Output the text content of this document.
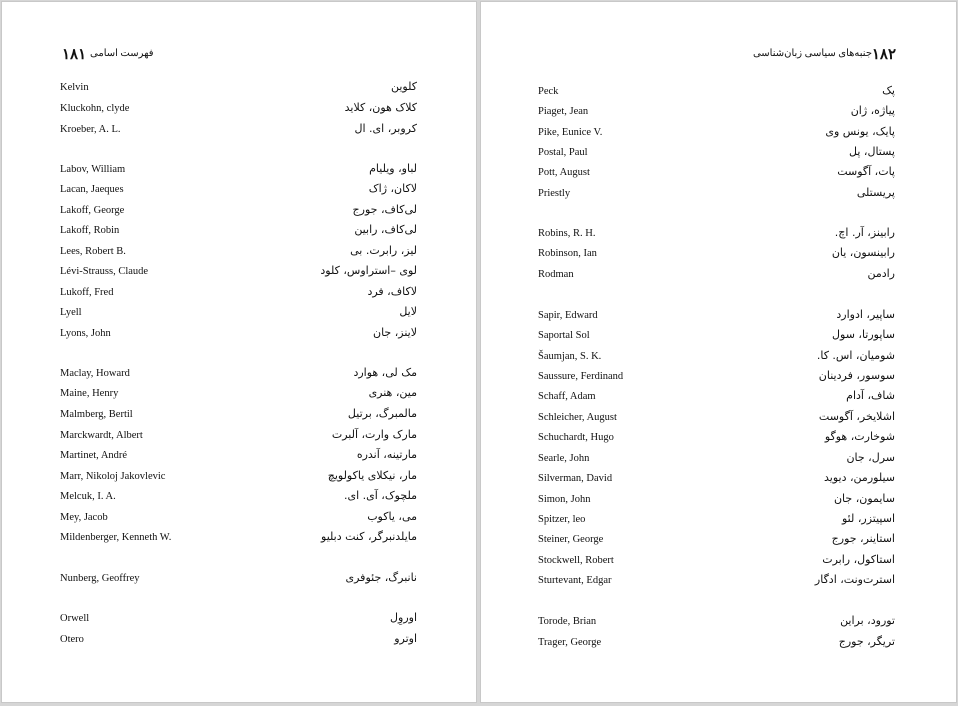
۱۸۱ فهرست اسامی
Kelvin	کلوین
Kluckohn, clyde	کلاک هون، کلاید
Kroeber, A. L.	کروبر، ای. ال
Labov, William	لباو، ویلیام
Lacan, Jaeques	لاکان، ژاک
Lakoff, George	لی‌کاف، جورج
Lakoff, Robin	لی‌کاف، رابین
Lees, Robert B.	لیز، رابرت. بی
Lévi-Strauss, Claude	لوی –استراوس، کلود
Lukoff, Fred	لاکاف، فرد
Lyell	لایل
Lyons, John	لاینز، جان
Maclay, Howard	مک لی، هوارد
Maine, Henry	مین، هنری
Malmberg, Bertil	مالمبرگ، برتیل
Marckwardt, Albert	مارک وارت، آلبرت
Martinet, André	مارتینه، آندره
Marr, Nikoloj Jakovlevic	مار، نیکلای یاکولویچ
Melcuk, I. A.	ملچوک، آی. ای.
Mey, Jacob	می، یاکوب
Mildenberger, Kenneth W.	مایلدنبرگر، کنت دبلیو
Nunberg, Geoffrey	نانبرگ، جئوفری
Orwell	اوروِل
Otero	اوترو
جنبه‌های سیاسی زبان‌شناسی ۱۸۲
Peck	پک
Piaget, Jean	پیاژه، ژان
Pike, Eunice V.	پایک، یونس وی
Postal, Paul	پستال، پل
Pott, August	پات، آگوست
Priestly	پریستلی
Robins, R. H.	رابینز، آر. اچ.
Robinson, Ian	رابینسون، یان
Rodman	رادمن
Sapir, Edward	ساپیر، ادوارد
Saportal Sol	ساپورتا، سول
Šaumjan, S. K.	شومیان، اس. کا.
Saussure, Ferdinand	سوسور، فردینان
Schaff, Adam	شاف، آدام
Schleicher, August	اشلایخر، آگوست
Schuchardt, Hugo	شوخارت، هوگو
Searle, John	سرل، جان
Silverman, David	سیلورمن، دیوید
Simon, John	سایمون، جان
Spitzer, leo	اسپیتزر، لئو
Steiner, George	استاینر، جورج
Stockwell, Robert	استاکول، رابرت
Sturtevant, Edgar	استرت‌ونت، ادگار
Torode, Brian	تورود، براین
Trager, George	تریگر، جورج
